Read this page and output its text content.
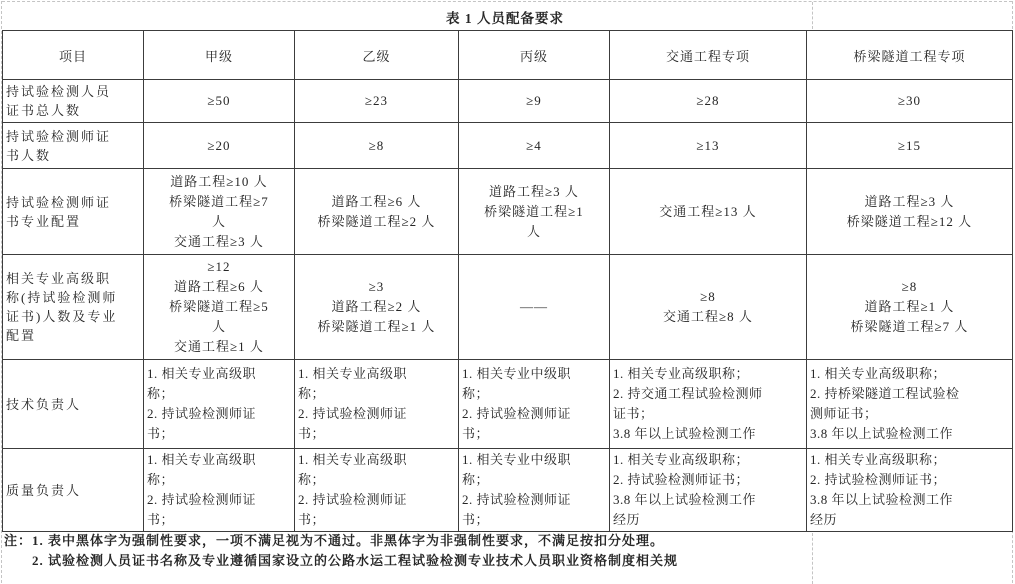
表 1 人员配备要求
项目	甲级	乙级	丙级	交通工程专项	桥梁隧道工程专项

持试验检测人员
证书总人数	≥50	≥23	≥9	≥28	≥30

持试验检测师证
书人数	≥20	≥8	≥4	≥13	≥15

持试验检测师证
书专业配置	道路工程≥10 人
桥梁隧道工程≥7
人
交通工程≥3 人	道路工程≥6 人
桥梁隧道工程≥2 人	道路工程≥3 人
桥梁隧道工程≥1
人	交通工程≥13 人	道路工程≥3 人
桥梁隧道工程≥12 人

相关专业高级职
称(持试验检测师
证书)人数及专业
配置	≥12
道路工程≥6 人
桥梁隧道工程≥5
人
交通工程≥1 人	≥3
道路工程≥2 人
桥梁隧道工程≥1 人	——	≥8
交通工程≥8 人	≥8
道路工程≥1 人
桥梁隧道工程≥7 人

技术负责人	1. 相关专业高级职
称；
2. 持试验检测师证
书；	1. 相关专业高级职
称；
2. 持试验检测师证
书；	1. 相关专业中级职
称；
2. 持试验检测师证
书；	1. 相关专业高级职称；
2. 持交通工程试验检测师
证书；
3.8 年以上试验检测工作	1. 相关专业高级职称；
2. 持桥梁隧道工程试验检
测师证书；
3.8 年以上试验检测工作

质量负责人	1. 相关专业高级职
称；
2. 持试验检测师证
书；	1. 相关专业高级职
称；
2. 持试验检测师证
书；	1. 相关专业中级职
称；
2. 持试验检测师证
书；	1. 相关专业高级职称；
2. 持试验检测师证书；
3.8 年以上试验检测工作
经历	1. 相关专业高级职称；
2. 持试验检测师证书；
3.8 年以上试验检测工作
经历
注：1. 表中黑体字为强制性要求，一项不满足视为不通过。非黑体字为非强制性要求，不满足按扣分处理。
2. 试验检测人员证书名称及专业遵循国家设立的公路水运工程试验检测专业技术人员职业资格制度相关规
